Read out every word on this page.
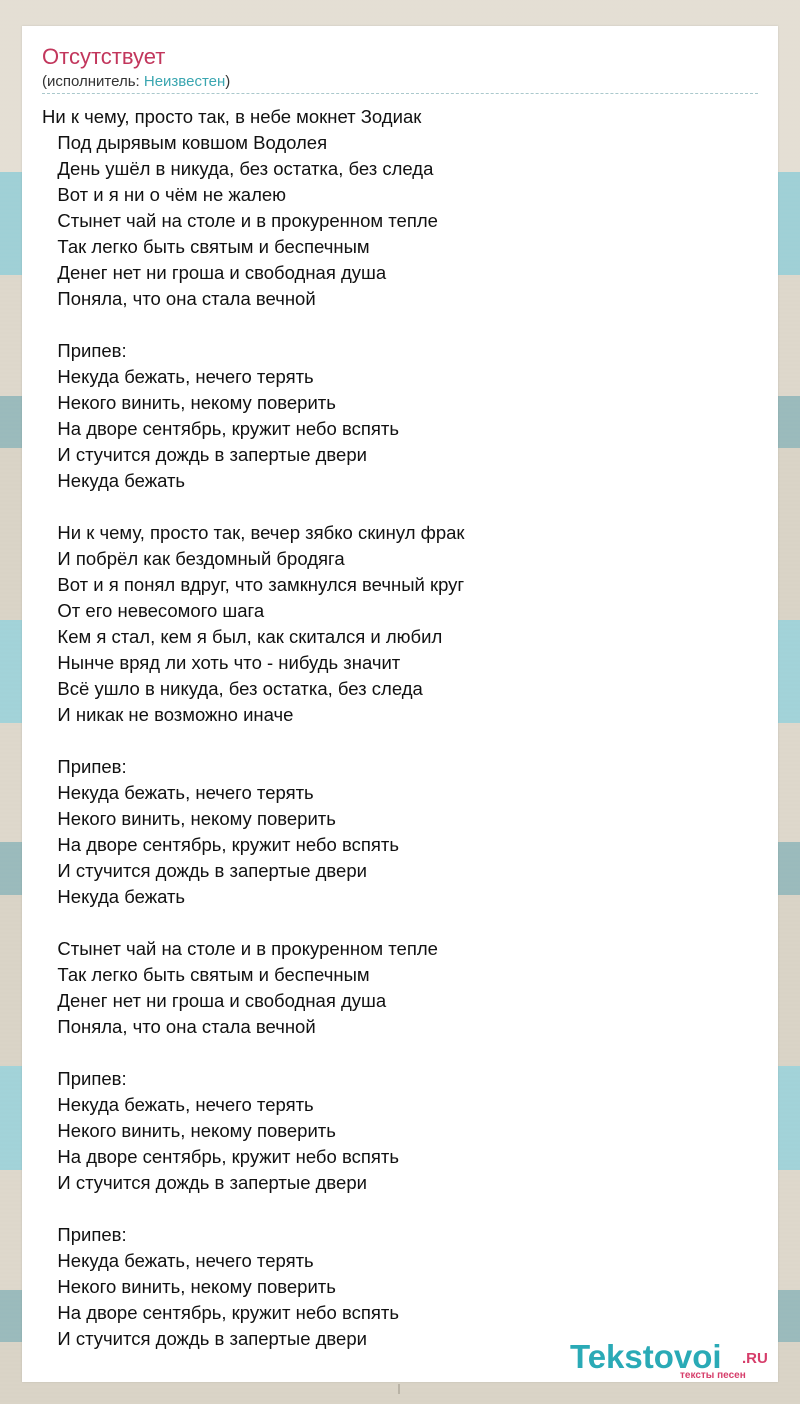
Отсутствует
(исполнитель: Неизвестен)
Ни к чему, просто так, в небе мокнет Зодиак
Под дырявым ковшом Водолея
День ушёл в никуда, без остатка, без следа
Вот и я ни о чём не жалею
Стынет чай на столе и в прокуренном тепле
Так легко быть святым и беспечным
Денег нет ни гроша и свободная душа
Поняла, что она стала вечной

Припев:
Некуда бежать, нечего терять
Некого винить, некому поверить
На дворе сентябрь, кружит небо вспять
И стучится дождь в запертые двери
Некуда бежать

Ни к чему, просто так, вечер зябко скинул фрак
И побрёл как бездомный бродяга
Вот и я понял вдруг, что замкнулся вечный круг
От его невесомого шага
Кем я стал, кем я был, как скитался и любил
Нынче вряд ли хоть что - нибудь значит
Всё ушло в никуда, без остатка, без следа
И никак не возможно иначе

Припев:
Некуда бежать, нечего терять
Некого винить, некому поверить
На дворе сентябрь, кружит небо вспять
И стучится дождь в запертые двери
Некуда бежать

Стынет чай на столе и в прокуренном тепле
Так легко быть святым и беспечным
Денег нет ни гроша и свободная душа
Поняла, что она стала вечной

Припев:
Некуда бежать, нечего терять
Некого винить, некому поверить
На дворе сентябрь, кружит небо вспять
И стучится дождь в запертые двери

Припев:
Некуда бежать, нечего терять
Некого винить, некому поверить
На дворе сентябрь, кружит небо вспять
И стучится дождь в запертые двери	Tekstovoi .RU
тексты песен
